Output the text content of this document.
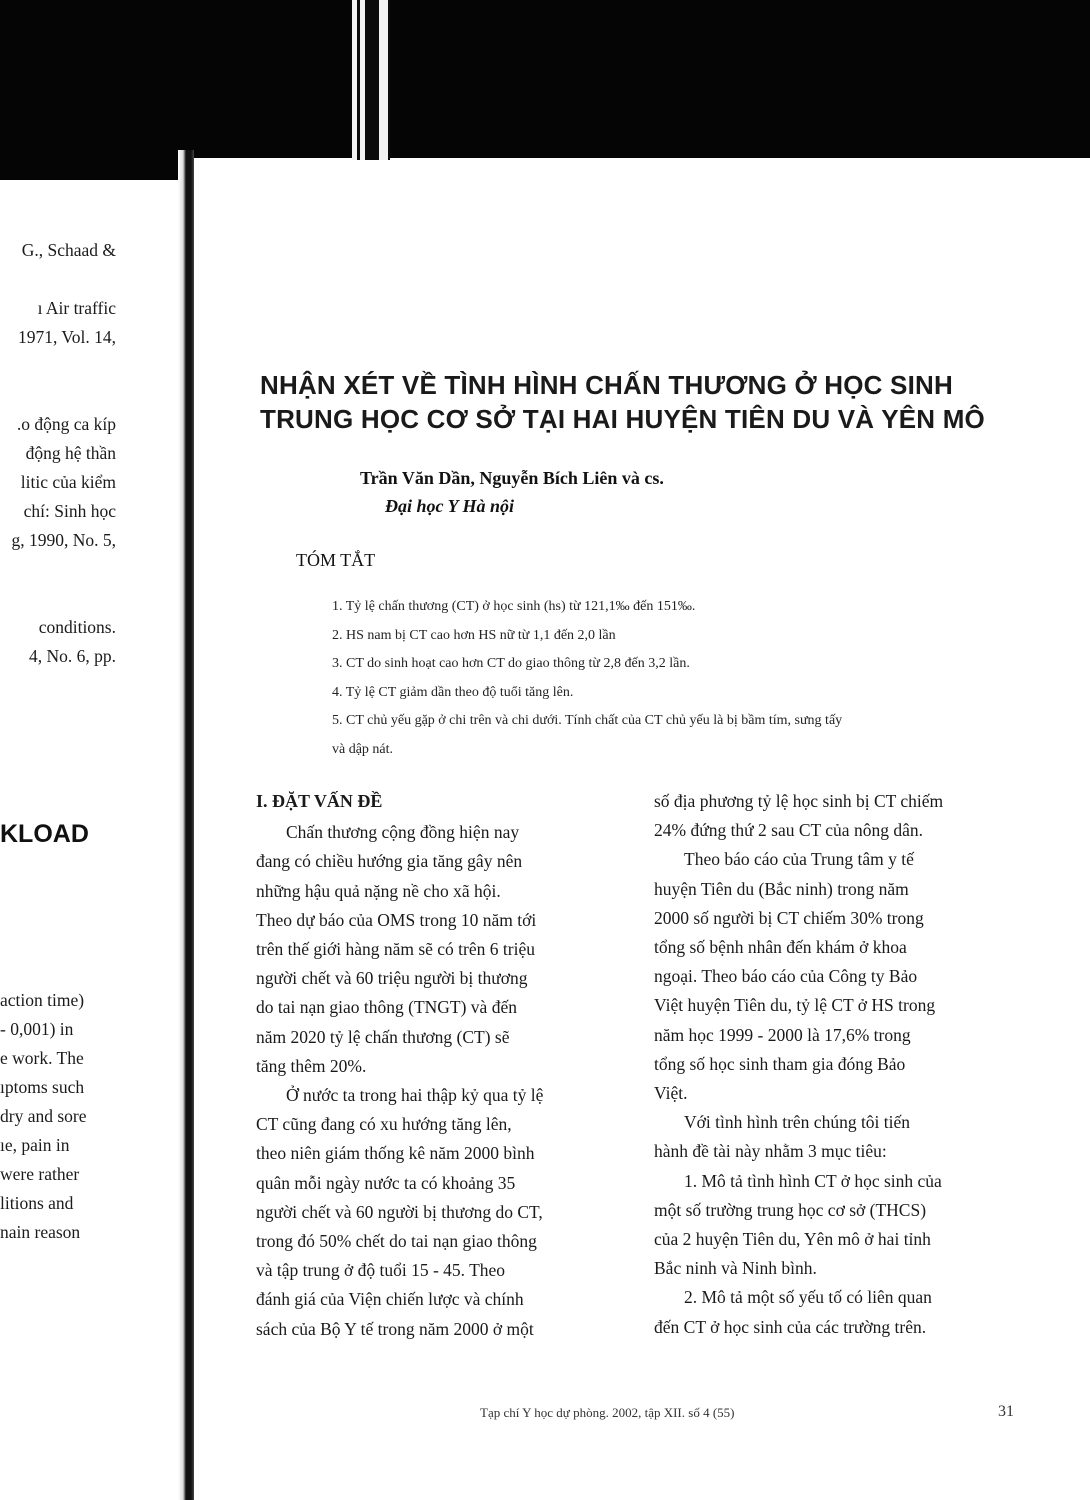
G., Schaad &
ı Air traffic
1971, Vol. 14,
.o động ca kíp
động hệ thần
litic của kiểm
chí: Sinh học
g, 1990, No. 5,
conditions.
4, No. 6, pp.
KLOAD
action time)
- 0,001) in
e work. The
ıptoms such
dry and sore
ıe, pain in
were rather
litions and
nain reason
NHẬN XÉT VỀ TÌNH HÌNH CHẤN THƯƠNG Ở HỌC SINH
TRUNG HỌC CƠ SỞ TẠI HAI HUYỆN TIÊN DU VÀ YÊN MÔ
Trần Văn Dần, Nguyễn Bích Liên và cs.
Đại học Y Hà nội
TÓM TẮT
1. Tỷ lệ chấn thương (CT) ở học sinh (hs) từ 121,1‰ đến 151‰.
2. HS nam bị CT cao hơn HS nữ từ 1,1 đến 2,0 lần
3. CT do sinh hoạt cao hơn CT do giao thông từ 2,8 đến 3,2 lần.
4. Tỷ lệ CT giảm dần theo độ tuổi tăng lên.
5. CT chủ yếu gặp ở chi trên và chi dưới. Tính chất của CT chủ yếu là bị bầm tím, sưng tấy
và dập nát.
I. ĐẶT VẤN ĐỀ
Chấn thương cộng đồng hiện nay
đang có chiều hướng gia tăng gây nên
những hậu quả nặng nề cho xã hội.
Theo dự báo của OMS trong 10 năm tới
trên thế giới hàng năm sẽ có trên 6 triệu
người chết và 60 triệu người bị thương
do tai nạn giao thông (TNGT) và đến
năm 2020 tỷ lệ chấn thương (CT) sẽ
tăng thêm 20%.
Ở nước ta trong hai thập kỷ qua tỷ lệ
CT cũng đang có xu hướng tăng lên,
theo niên giám thống kê năm 2000 bình
quân mỗi ngày nước ta có khoảng 35
người chết và 60 người bị thương do CT,
trong đó 50% chết do tai nạn giao thông
và tập trung ở độ tuổi 15 - 45. Theo
đánh giá của Viện chiến lược và chính
sách của Bộ Y tế trong năm 2000 ở một
số địa phương tỷ lệ học sinh bị CT chiếm
24% đứng thứ 2 sau CT của nông dân.
Theo báo cáo của Trung tâm y tế
huyện Tiên du (Bắc ninh) trong năm
2000 số người bị CT chiếm 30% trong
tổng số bệnh nhân đến khám ở khoa
ngoại. Theo báo cáo của Công ty Bảo
Việt huyện Tiên du, tỷ lệ CT ở HS trong
năm học 1999 - 2000 là 17,6% trong
tổng số học sinh tham gia đóng Bảo
Việt.
Với tình hình trên chúng tôi tiến
hành đề tài này nhằm 3 mục tiêu:
1. Mô tả tình hình CT ở học sinh của
một số trường trung học cơ sở (THCS)
của 2 huyện Tiên du, Yên mô ở hai tỉnh
Bắc ninh và Ninh bình.
2. Mô tả một số yếu tố có liên quan
đến CT ở học sinh của các trường trên.
Tạp chí Y học dự phòng. 2002, tập XII. số 4 (55)	31
